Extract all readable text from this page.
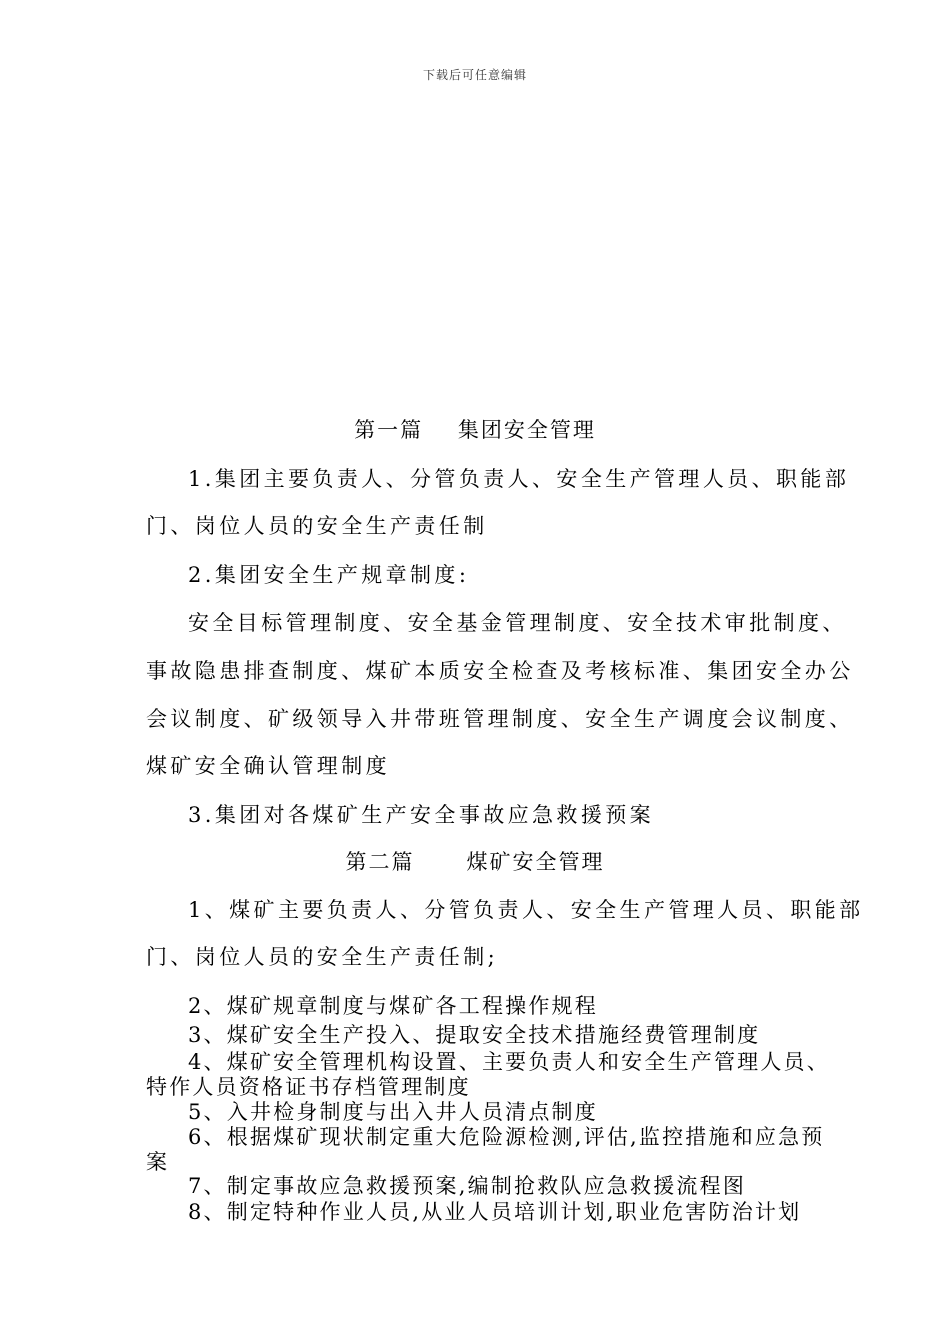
下载后可任意编辑
第一篇    集团安全管理
1.集团主要负责人、分管负责人、安全生产管理人员、职能部
门、岗位人员的安全生产责任制
2.集团安全生产规章制度:
安全目标管理制度、安全基金管理制度、安全技术审批制度、
事故隐患排查制度、煤矿本质安全检查及考核标准、集团安全办公
会议制度、矿级领导入井带班管理制度、安全生产调度会议制度、
煤矿安全确认管理制度
3.集团对各煤矿生产安全事故应急救援预案
第二篇      煤矿安全管理
1、煤矿主要负责人、分管负责人、安全生产管理人员、职能部
门、岗位人员的安全生产责任制;
2、煤矿规章制度与煤矿各工程操作规程
3、煤矿安全生产投入、提取安全技术措施经费管理制度
4、煤矿安全管理机构设置、主要负责人和安全生产管理人员、
特作人员资格证书存档管理制度
5、入井检身制度与出入井人员清点制度
6、根据煤矿现状制定重大危险源检测,评估,监控措施和应急预
案
7、制定事故应急救援预案,编制抢救队应急救援流程图
8、制定特种作业人员,从业人员培训计划,职业危害防治计划
